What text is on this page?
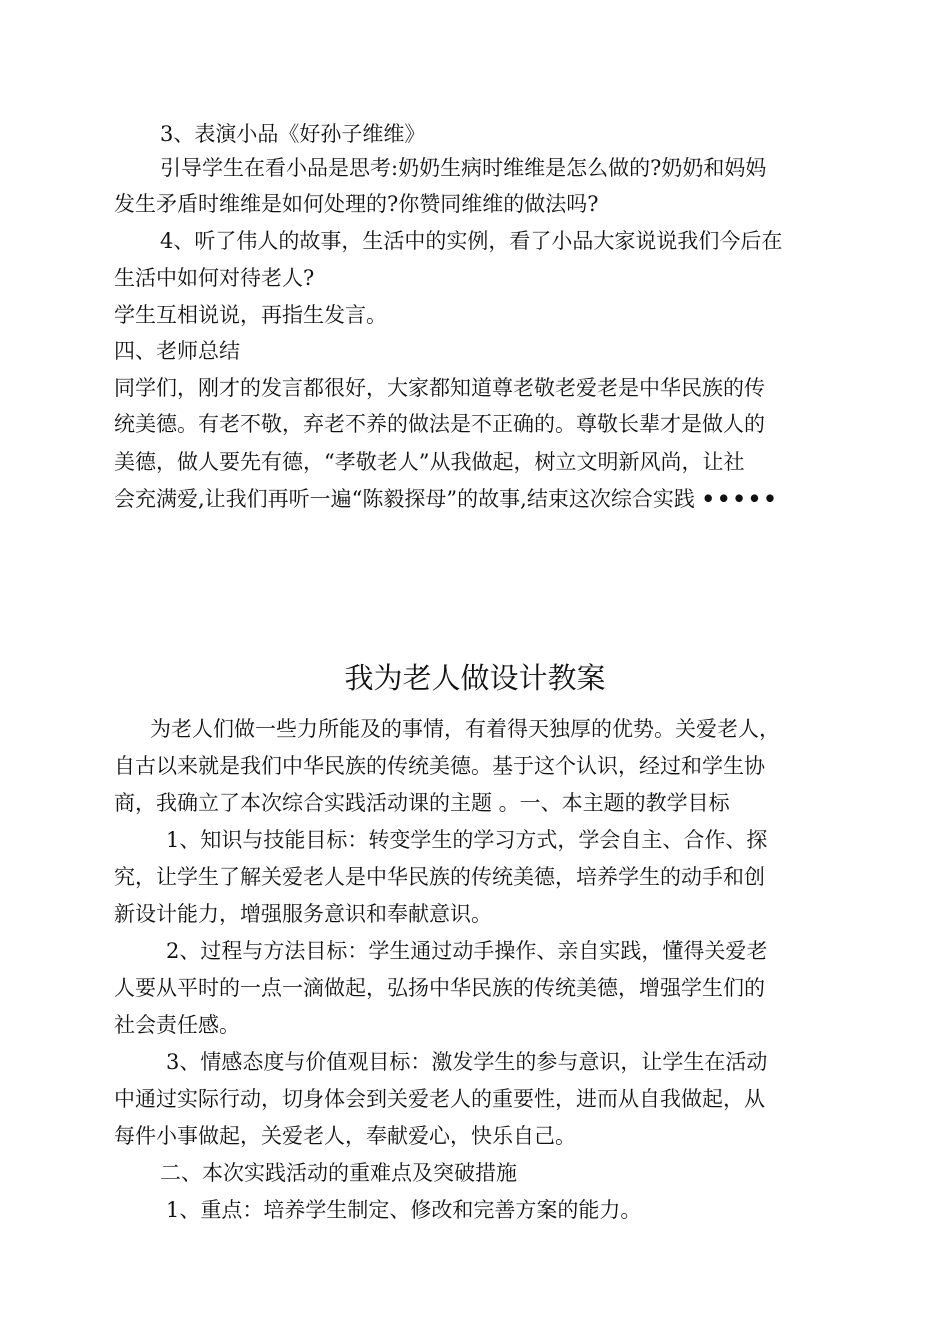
3、表演小品《好孙子维维》
引导学生在看小品是思考:奶奶生病时维维是怎么做的?奶奶和妈妈
发生矛盾时维维是如何处理的?你赞同维维的做法吗?
4、听了伟人的故事，生活中的实例，看了小品大家说说我们今后在
生活中如何对待老人?
学生互相说说，再指生发言。
四、老师总结
同学们，刚才的发言都很好，大家都知道尊老敬老爱老是中华民族的传
统美德。有老不敬，弃老不养的做法是不正确的。尊敬长辈才是做人的
美德，做人要先有德，“孝敬老人”从我做起，树立文明新风尚，让社
会充满爱,让我们再听一遍“陈毅探母”的故事,结束这次综合实践 •••••
我为老人做设计教案
为老人们做一些力所能及的事情，有着得天独厚的优势。关爱老人，
自古以来就是我们中华民族的传统美德。基于这个认识，经过和学生协
商，我确立了本次综合实践活动课的主题 。一、本主题的教学目标
1、知识与技能目标：转变学生的学习方式，学会自主、合作、探
究，让学生了解关爱老人是中华民族的传统美德，培养学生的动手和创
新设计能力，增强服务意识和奉献意识。
2、过程与方法目标：学生通过动手操作、亲自实践，懂得关爱老
人要从平时的一点一滴做起，弘扬中华民族的传统美德，增强学生们的
社会责任感。
3、情感态度与价值观目标：激发学生的参与意识，让学生在活动
中通过实际行动，切身体会到关爱老人的重要性，进而从自我做起，从
每件小事做起，关爱老人，奉献爱心，快乐自己。
二、本次实践活动的重难点及突破措施
1、重点：培养学生制定、修改和完善方案的能力。
